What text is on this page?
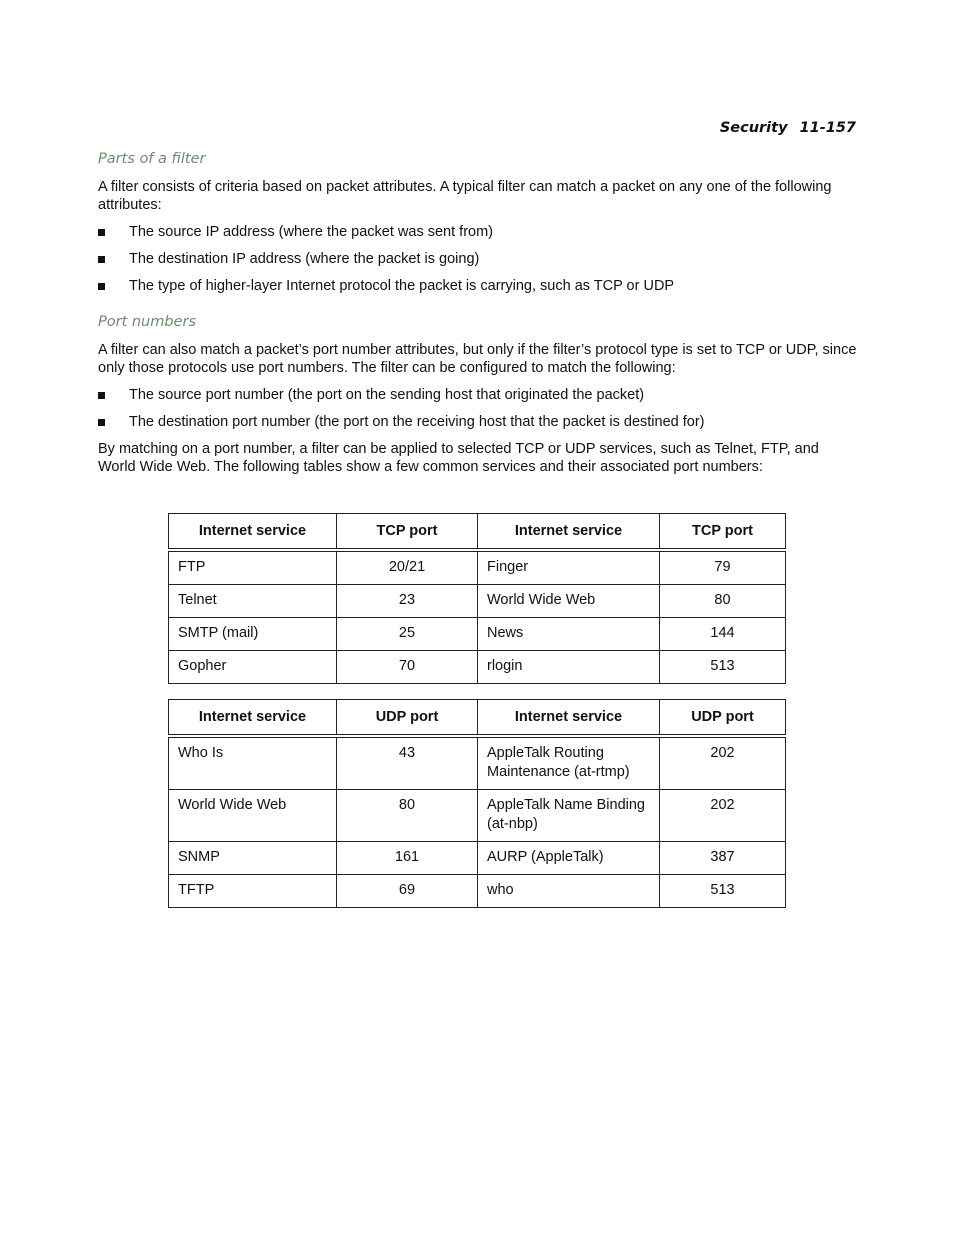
Security 11-157
Parts of a filter

A filter consists of criteria based on packet attributes. A typical filter can match a packet on any one of the following attributes:

The source IP address (where the packet was sent from)
The destination IP address (where the packet is going)
The type of higher-layer Internet protocol the packet is carrying, such as TCP or UDP
Port numbers

A filter can also match a packet’s port number attributes, but only if the filter’s protocol type is set to TCP or UDP, since only those protocols use port numbers. The filter can be configured to match the following:

The source port number (the port on the sending host that originated the packet)
The destination port number (the port on the receiving host that the packet is destined for)

By matching on a port number, a filter can be applied to selected TCP or UDP services, such as Telnet, FTP, and World Wide Web. The following tables show a few common services and their associated port numbers:

Internet service	TCP port	Internet service	TCP port
FTP	20/21	Finger	79
Telnet	23	World Wide Web	80
SMTP (mail)	25	News	144
Gopher	70	rlogin	513
Internet service	UDP port	Internet service	UDP port
Who Is	43	AppleTalk Routing Maintenance (at-rtmp)	202
World Wide Web	80	AppleTalk Name Binding (at-nbp)	202
SNMP	161	AURP (AppleTalk)	387
TFTP	69	who	513
